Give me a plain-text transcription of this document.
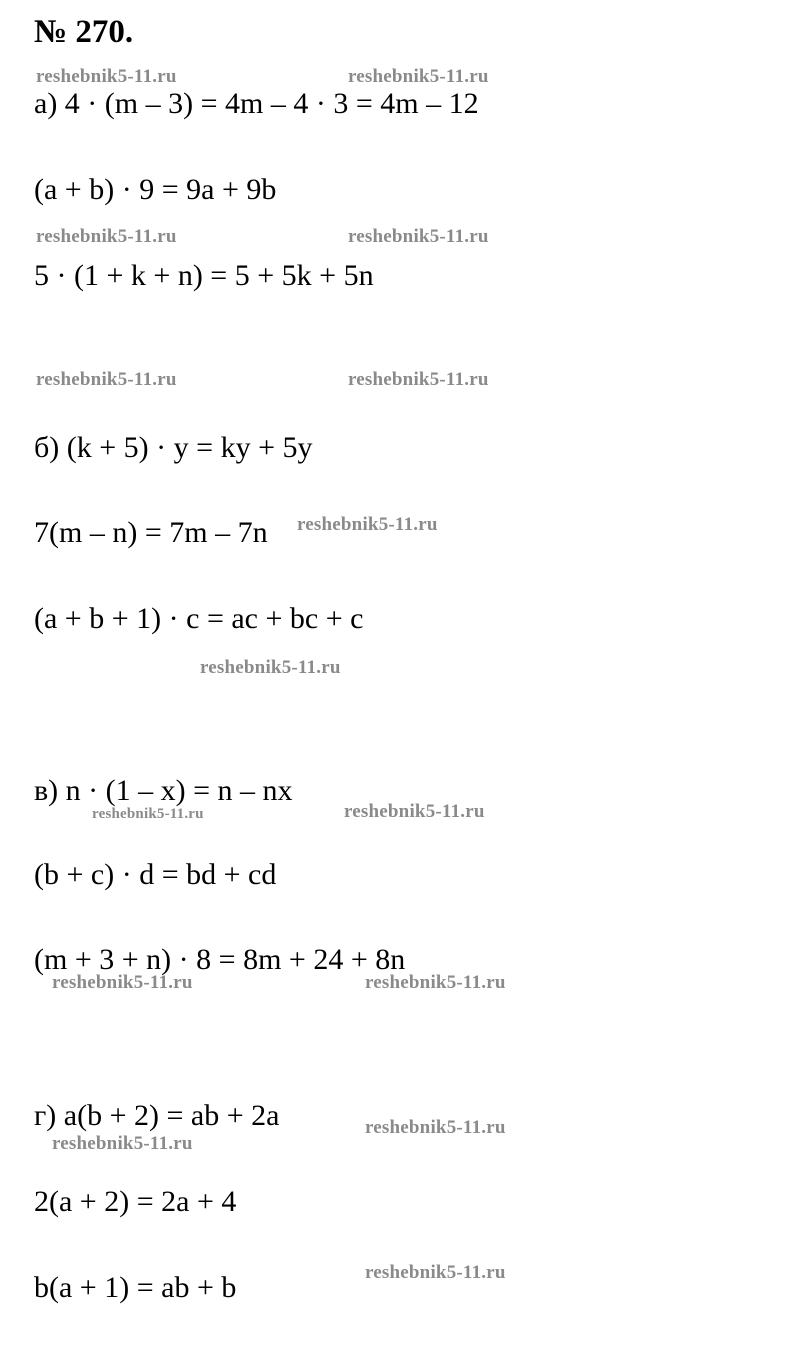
№ 270.
а) 4 · (m – 3) = 4m – 4 · 3 = 4m – 12
(a + b) · 9 = 9a + 9b
5 · (1 + k + n) = 5 + 5k + 5n
б) (k + 5) · y = ky + 5y
7(m – n) = 7m – 7n
(a + b + 1) · c = ac + bc + c
в) n · (1 – x) = n – nx
(b + c) · d = bd + cd
(m + 3 + n) · 8 = 8m + 24 + 8n
г) a(b + 2) = ab + 2a
2(a + 2) = 2a + 4
b(a + 1) = ab + b
reshebnik5-11.ru	reshebnik5-11.ru
reshebnik5-11.ru	reshebnik5-11.ru
reshebnik5-11.ru	reshebnik5-11.ru
reshebnik5-11.ru
reshebnik5-11.ru
reshebnik5-11.ru	reshebnik5-11.ru
reshebnik5-11.ru	reshebnik5-11.ru
reshebnik5-11.ru
reshebnik5-11.ru
reshebnik5-11.ru
